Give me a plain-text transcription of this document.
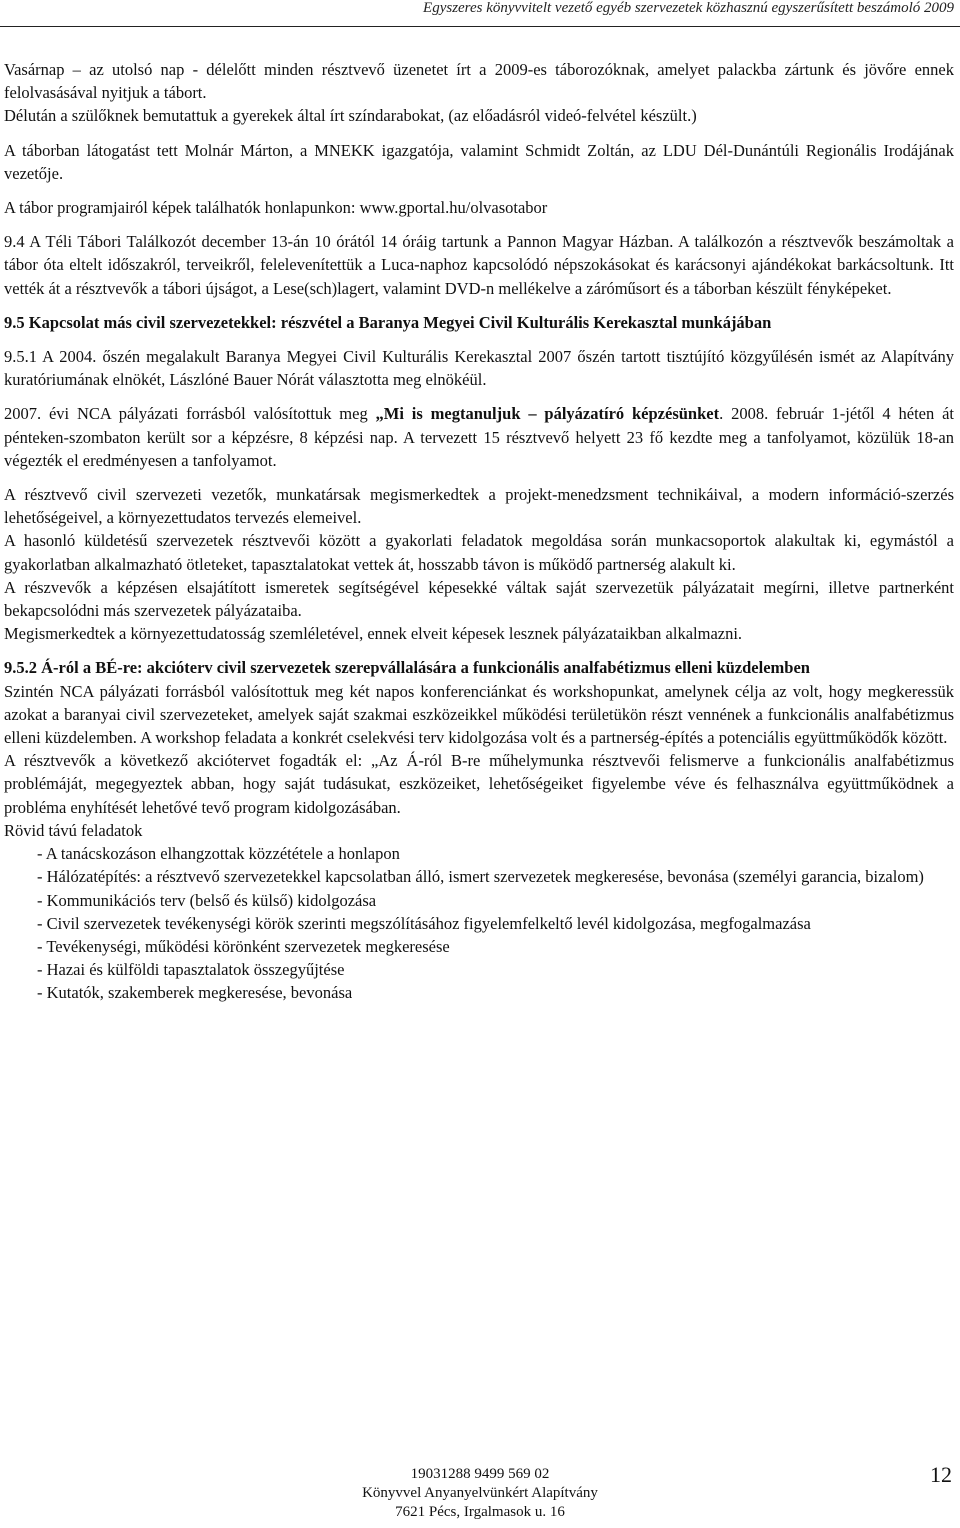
Egyszeres könyvvitelt vezető egyéb szervezetek közhasznú egyszerűsített beszámoló 2009

Vasárnap – az utolsó nap - délelőtt minden résztvevő üzenetet írt a 2009-es táborozóknak, amelyet palackba zártunk és jövőre ennek felolvasásával nyitjuk a tábort.

Délután a szülőknek bemutattuk a gyerekek által írt színdarabokat, (az előadásról videó-felvétel készült.)

A táborban látogatást tett Molnár Márton, a MNEKK igazgatója, valamint Schmidt Zoltán, az LDU Dél-Dunántúli Regionális Irodájának vezetője.

A tábor programjairól képek találhatók honlapunkon: www.gportal.hu/olvasotabor

9.4 A Téli Tábori Találkozót december 13-án 10 órától 14 óráig tartunk a Pannon Magyar Házban. A találkozón a résztvevők beszámoltak a tábor óta eltelt időszakról, terveikről, felelevenítettük a Luca-naphoz kapcsolódó népszokásokat és karácsonyi ajándékokat barkácsoltunk. Itt vették át a résztvevők a tábori újságot, a Lese(sch)lagert, valamint DVD-n mellékelve a záróműsort és a táborban készült fényképeket.

9.5 Kapcsolat más civil szervezetekkel: részvétel a Baranya Megyei Civil Kulturális Kerekasztal munkájában

9.5.1 A 2004. őszén megalakult Baranya Megyei Civil Kulturális Kerekasztal 2007 őszén tartott tisztújító közgyűlésén ismét az Alapítvány kuratóriumának elnökét, Lászlóné Bauer Nórát választotta meg elnökéül.

2007. évi NCA pályázati forrásból valósítottuk meg „Mi is megtanuljuk – pályázatíró képzésünket. 2008. február 1-jétől 4 héten át pénteken-szombaton került sor a képzésre, 8 képzési nap. A tervezett 15 résztvevő helyett 23 fő kezdte meg a tanfolyamot, közülük 18-an végezték el eredményesen a tanfolyamot.

A résztvevő civil szervezeti vezetők, munkatársak megismerkedtek a projekt-menedzsment technikáival, a modern információ-szerzés lehetőségeivel, a környezettudatos tervezés elemeivel.

A hasonló küldetésű szervezetek résztvevői között a gyakorlati feladatok megoldása során munkacsoportok alakultak ki, egymástól a gyakorlatban alkalmazható ötleteket, tapasztalatokat vettek át, hosszabb távon is működő partnerség alakult ki.

A részvevők a képzésen elsajátított ismeretek segítségével képesekké váltak saját szervezetük pályázatait megírni, illetve partnerként bekapcsolódni más szervezetek pályázataiba.

Megismerkedtek a környezettudatosság szemléletével, ennek elveit képesek lesznek pályázataikban alkalmazni.

9.5.2 Á-ról a BÉ-re: akcióterv civil szervezetek szerepvállalására a funkcionális analfabétizmus elleni küzdelemben

Szintén NCA pályázati forrásból valósítottuk meg két napos konferenciánkat és workshopunkat, amelynek célja az volt, hogy megkeressük azokat a baranyai civil szervezeteket, amelyek saját szakmai eszközeikkel működési területükön részt vennének a funkcionális analfabétizmus elleni küzdelemben. A workshop feladata a konkrét cselekvési terv kidolgozása volt és a partnerség-építés a potenciális együttműködők között.

A résztvevők a következő akciótervet fogadták el: „Az Á-ról B-re műhelymunka résztvevői felismerve a funkcionális analfabétizmus problémáját, megegyeztek abban, hogy saját tudásukat, eszközeiket, lehetőségeiket figyelembe véve és felhasználva együttműködnek a probléma enyhítését lehetővé tevő program kidolgozásában.

Rövid távú feladatok

- A tanácskozáson elhangzottak közzététele a honlapon

- Hálózatépítés: a résztvevő szervezetekkel kapcsolatban álló, ismert szervezetek megkeresése, bevonása (személyi garancia, bizalom)

- Kommunikációs terv (belső és külső) kidolgozása

- Civil szervezetek tevékenységi körök szerinti megszólításához figyelemfelkeltő levél kidolgozása, megfogalmazása

- Tevékenységi, működési körönként szervezetek megkeresése

- Hazai és külföldi tapasztalatok összegyűjtése

- Kutatók, szakemberek megkeresése, bevonása

19031288 9499 569 02
Könyvvel Anyanyelvünkért Alapítvány
7621 Pécs, Irgalmasok u. 16
12
